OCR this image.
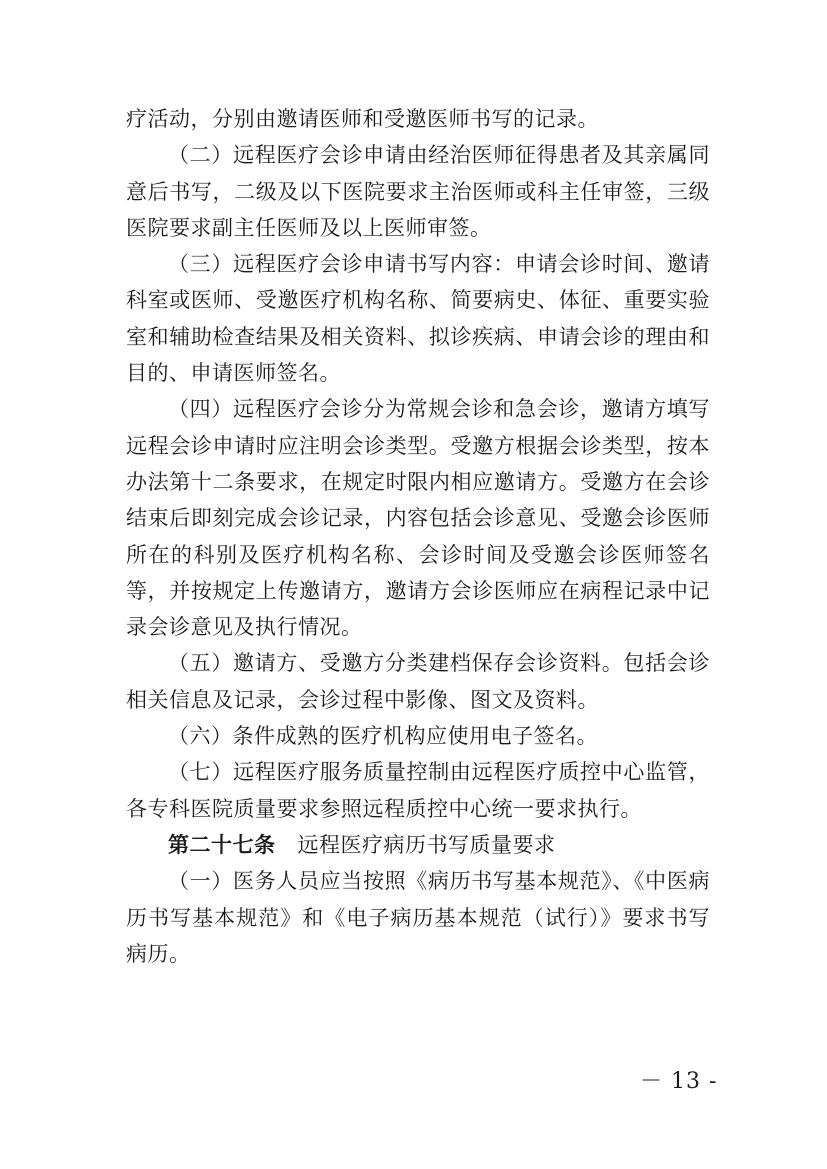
疗活动，分别由邀请医师和受邀医师书写的记录。

（二）远程医疗会诊申请由经治医师征得患者及其亲属同意后书写，二级及以下医院要求主治医师或科主任审签，三级医院要求副主任医师及以上医师审签。

（三）远程医疗会诊申请书写内容：申请会诊时间、邀请科室或医师、受邀医疗机构名称、简要病史、体征、重要实验室和辅助检查结果及相关资料、拟诊疾病、申请会诊的理由和目的、申请医师签名。

（四）远程医疗会诊分为常规会诊和急会诊，邀请方填写远程会诊申请时应注明会诊类型。受邀方根据会诊类型，按本办法第十二条要求，在规定时限内相应邀请方。受邀方在会诊结束后即刻完成会诊记录，内容包括会诊意见、受邀会诊医师所在的科别及医疗机构名称、会诊时间及受邀会诊医师签名等，并按规定上传邀请方，邀请方会诊医师应在病程记录中记录会诊意见及执行情况。

（五）邀请方、受邀方分类建档保存会诊资料。包括会诊相关信息及记录，会诊过程中影像、图文及资料。

（六）条件成熟的医疗机构应使用电子签名。

（七）远程医疗服务质量控制由远程医疗质控中心监管，各专科医院质量要求参照远程质控中心统一要求执行。

第二十七条 远程医疗病历书写质量要求

（一）医务人员应当按照《病历书写基本规范》、《中医病历书写基本规范》和《电子病历基本规范（试行）》要求书写病历。

－ 13 -
